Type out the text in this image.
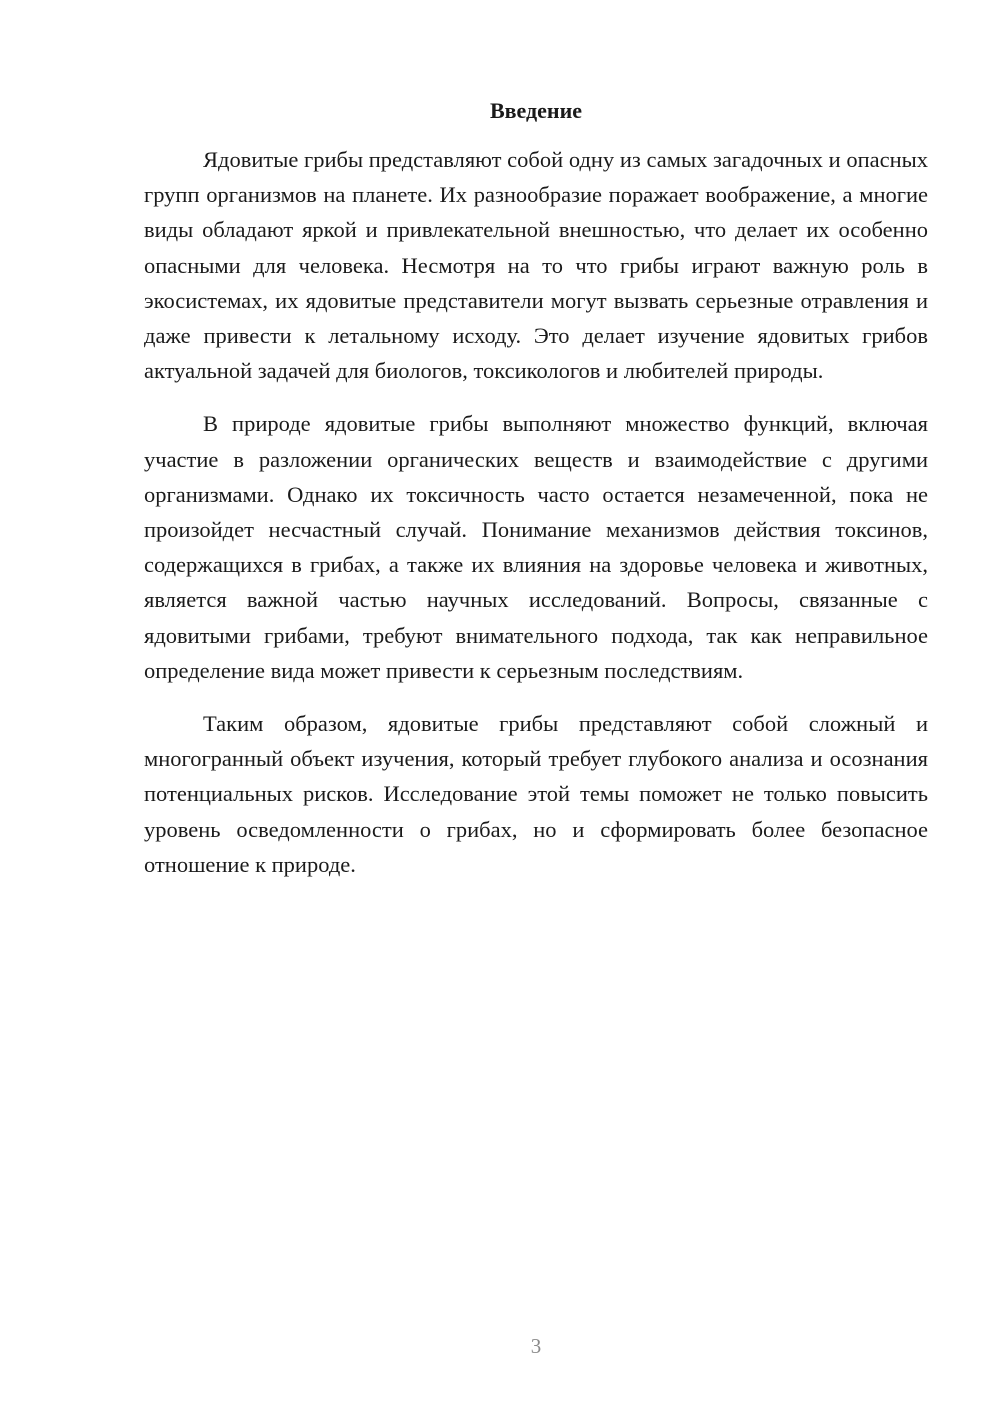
Введение

Ядовитые грибы представляют собой одну из самых загадочных и опасных групп организмов на планете. Их разнообразие поражает воображение, а многие виды обладают яркой и привлекательной внешностью, что делает их особенно опасными для человека. Несмотря на то что грибы играют важную роль в экосистемах, их ядовитые представители могут вызвать серьезные отравления и даже привести к летальному исходу. Это делает изучение ядовитых грибов актуальной задачей для биологов, токсикологов и любителей природы.

В природе ядовитые грибы выполняют множество функций, включая участие в разложении органических веществ и взаимодействие с другими организмами. Однако их токсичность часто остается незамеченной, пока не произойдет несчастный случай. Понимание механизмов действия токсинов, содержащихся в грибах, а также их влияния на здоровье человека и животных, является важной частью научных исследований. Вопросы, связанные с ядовитыми грибами, требуют внимательного подхода, так как неправильное определение вида может привести к серьезным последствиям.

Таким образом, ядовитые грибы представляют собой сложный и многогранный объект изучения, который требует глубокого анализа и осознания потенциальных рисков. Исследование этой темы поможет не только повысить уровень осведомленности о грибах, но и сформировать более безопасное отношение к природе.

3
